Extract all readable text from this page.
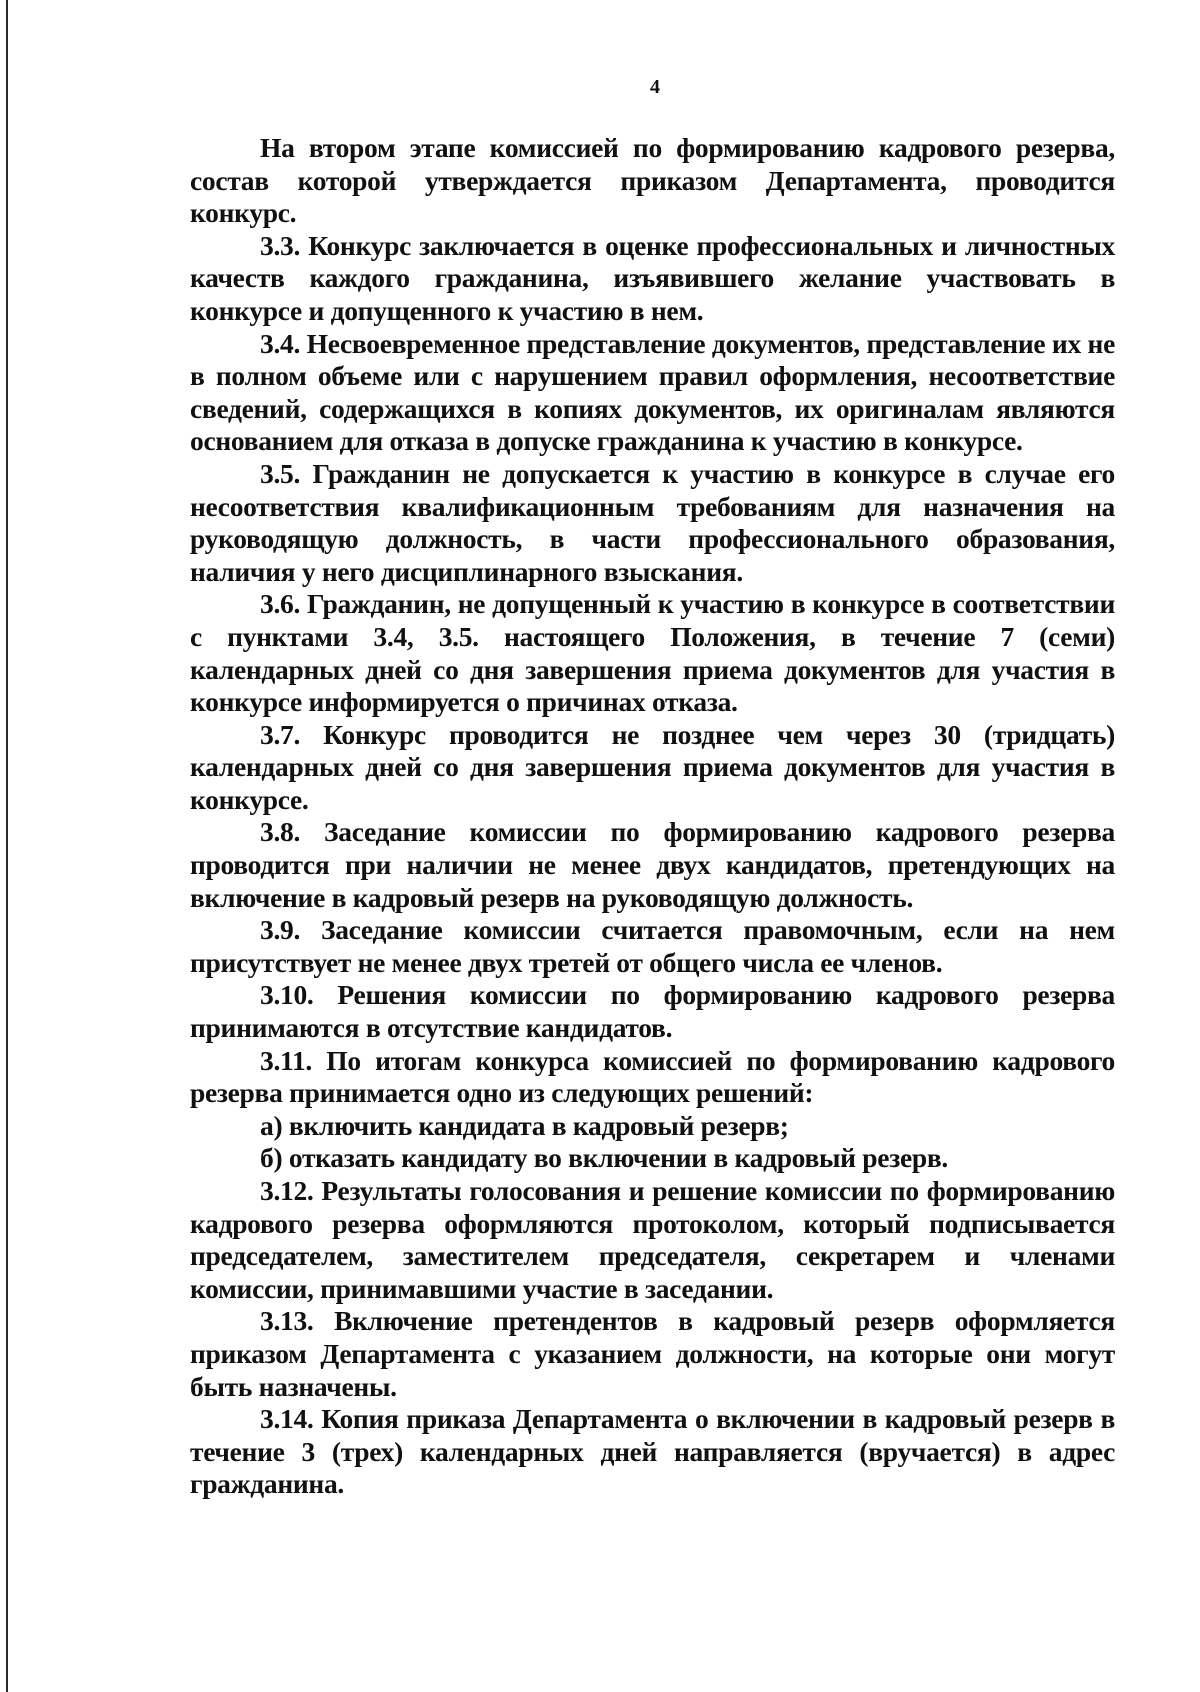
4

На втором этапе комиссией по формированию кадрового резерва, состав которой утверждается приказом Департамента, проводится конкурс.

3.3. Конкурс заключается в оценке профессиональных и личностных качеств каждого гражданина, изъявившего желание участвовать в конкурсе и допущенного к участию в нем.

3.4. Несвоевременное представление документов, представление их не в полном объеме или с нарушением правил оформления, несоответствие сведений, содержащихся в копиях документов, их оригиналам являются основанием для отказа в допуске гражданина к участию в конкурсе.

3.5. Гражданин не допускается к участию в конкурсе в случае его несоответствия квалификационным требованиям для назначения на руководящую должность, в части профессионального образования, наличия у него дисциплинарного взыскания.

3.6. Гражданин, не допущенный к участию в конкурсе в соответствии с пунктами 3.4, 3.5. настоящего Положения, в течение 7 (семи) календарных дней со дня завершения приема документов для участия в конкурсе информируется о причинах отказа.

3.7. Конкурс проводится не позднее чем через 30 (тридцать) календарных дней со дня завершения приема документов для участия в конкурсе.

3.8. Заседание комиссии по формированию кадрового резерва проводится при наличии не менее двух кандидатов, претендующих на включение в кадровый резерв на руководящую должность.

3.9. Заседание комиссии считается правомочным, если на нем присутствует не менее двух третей от общего числа ее членов.

3.10. Решения комиссии по формированию кадрового резерва принимаются в отсутствие кандидатов.

3.11. По итогам конкурса комиссией по формированию кадрового резерва принимается одно из следующих решений:

а) включить кандидата в кадровый резерв;

б) отказать кандидату во включении в кадровый резерв.

3.12. Результаты голосования и решение комиссии по формированию кадрового резерва оформляются протоколом, который подписывается председателем, заместителем председателя, секретарем и членами комиссии, принимавшими участие в заседании.

3.13. Включение претендентов в кадровый резерв оформляется приказом Департамента с указанием должности, на которые они могут быть назначены.

3.14. Копия приказа Департамента о включении в кадровый резерв в течение 3 (трех) календарных дней направляется (вручается) в адрес гражданина.
